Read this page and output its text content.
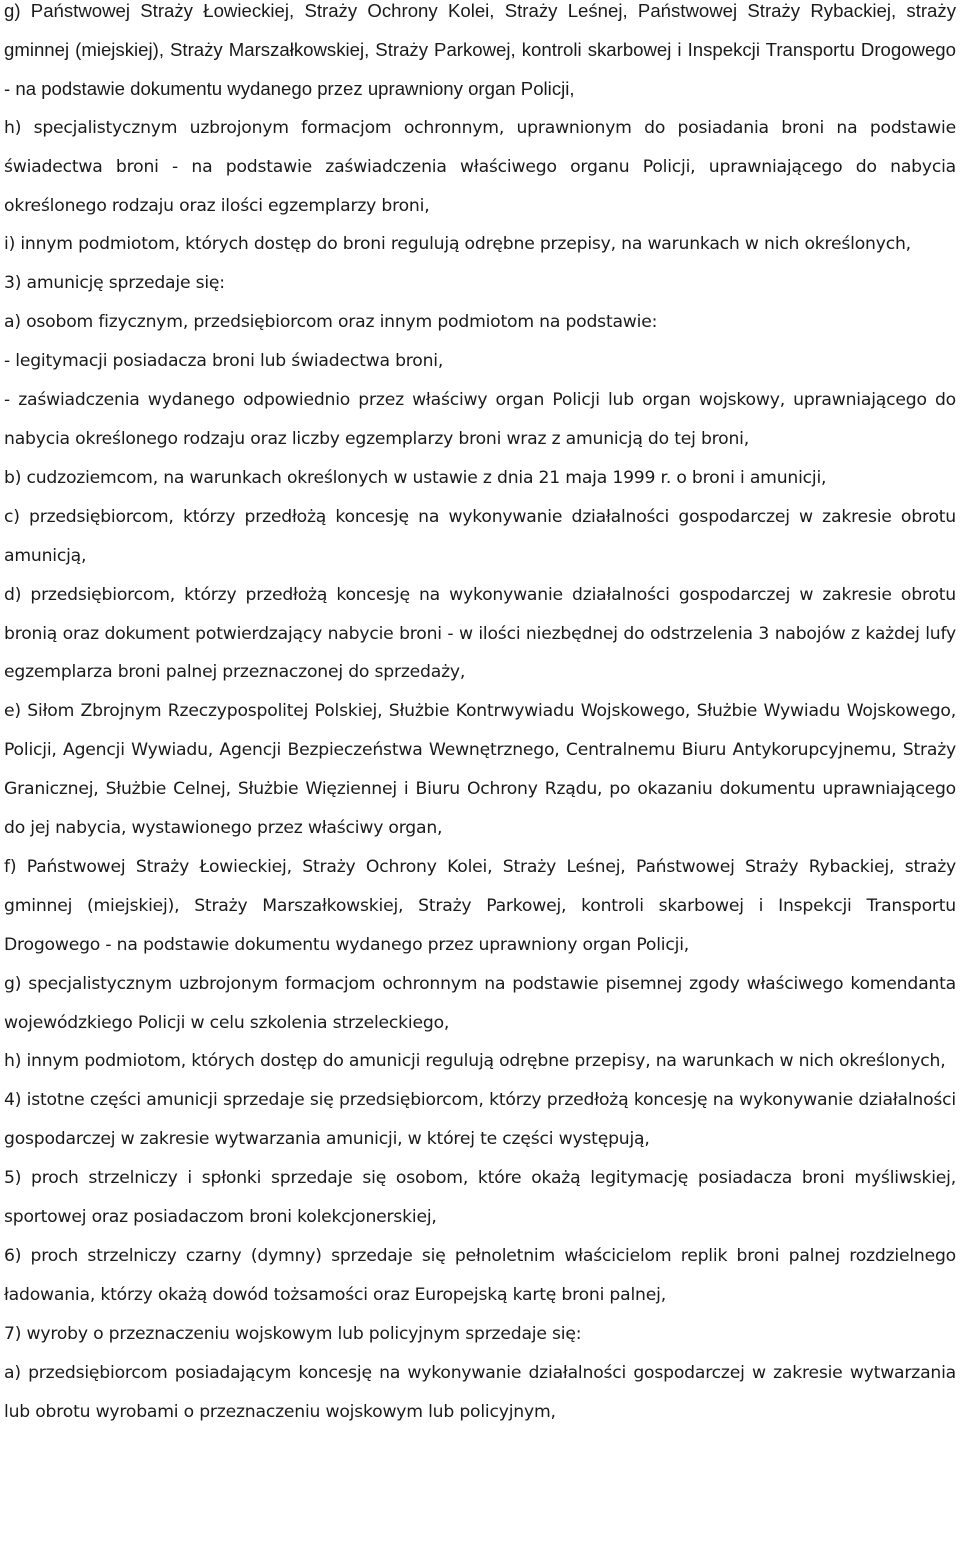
g) Państwowej Straży Łowieckiej, Straży Ochrony Kolei, Straży Leśnej, Państwowej Straży Rybackiej, straży gminnej (miejskiej), Straży Marszałkowskiej, Straży Parkowej, kontroli skarbowej i Inspekcji Transportu Drogowego - na podstawie dokumentu wydanego przez uprawniony organ Policji,

h) specjalistycznym uzbrojonym formacjom ochronnym, uprawnionym do posiadania broni na podstawie świadectwa broni - na podstawie zaświadczenia właściwego organu Policji, uprawniającego do nabycia określonego rodzaju oraz ilości egzemplarzy broni,

i) innym podmiotom, których dostęp do broni regulują odrębne przepisy, na warunkach w nich określonych,

3) amunicję sprzedaje się:

a) osobom fizycznym, przedsiębiorcom oraz innym podmiotom na podstawie:

- legitymacji posiadacza broni lub świadectwa broni,

- zaświadczenia wydanego odpowiednio przez właściwy organ Policji lub organ wojskowy, uprawniającego do nabycia określonego rodzaju oraz liczby egzemplarzy broni wraz z amunicją do tej broni,

b) cudzoziemcom, na warunkach określonych w ustawie z dnia 21 maja 1999 r. o broni i amunicji,

c) przedsiębiorcom, którzy przedłożą koncesję na wykonywanie działalności gospodarczej w zakresie obrotu amunicją,

d) przedsiębiorcom, którzy przedłożą koncesję na wykonywanie działalności gospodarczej w zakresie obrotu bronią oraz dokument potwierdzający nabycie broni - w ilości niezbędnej do odstrzelenia 3 nabojów z każdej lufy egzemplarza broni palnej przeznaczonej do sprzedaży,

e) Siłom Zbrojnym Rzeczypospolitej Polskiej, Służbie Kontrwywiadu Wojskowego, Służbie Wywiadu Wojskowego, Policji, Agencji Wywiadu, Agencji Bezpieczeństwa Wewnętrznego, Centralnemu Biuru Antykorupcyjnemu, Straży Granicznej, Służbie Celnej, Służbie Więziennej i Biuru Ochrony Rządu, po okazaniu dokumentu uprawniającego do jej nabycia, wystawionego przez właściwy organ,

f) Państwowej Straży Łowieckiej, Straży Ochrony Kolei, Straży Leśnej, Państwowej Straży Rybackiej, straży gminnej (miejskiej), Straży Marszałkowskiej, Straży Parkowej, kontroli skarbowej i Inspekcji Transportu Drogowego - na podstawie dokumentu wydanego przez uprawniony organ Policji,

g) specjalistycznym uzbrojonym formacjom ochronnym na podstawie pisemnej zgody właściwego komendanta wojewódzkiego Policji w celu szkolenia strzeleckiego,

h) innym podmiotom, których dostęp do amunicji regulują odrębne przepisy, na warunkach w nich określonych,

4) istotne części amunicji sprzedaje się przedsiębiorcom, którzy przedłożą koncesję na wykonywanie działalności gospodarczej w zakresie wytwarzania amunicji, w której te części występują,

5) proch strzelniczy i spłonki sprzedaje się osobom, które okażą legitymację posiadacza broni myśliwskiej, sportowej oraz posiadaczom broni kolekcjonerskiej,

6) proch strzelniczy czarny (dymny) sprzedaje się pełnoletnim właścicielom replik broni palnej rozdzielnego ładowania, którzy okażą dowód tożsamości oraz Europejską kartę broni palnej,

7) wyroby o przeznaczeniu wojskowym lub policyjnym sprzedaje się:

a) przedsiębiorcom posiadającym koncesję na wykonywanie działalności gospodarczej w zakresie wytwarzania lub obrotu wyrobami o przeznaczeniu wojskowym lub policyjnym,
